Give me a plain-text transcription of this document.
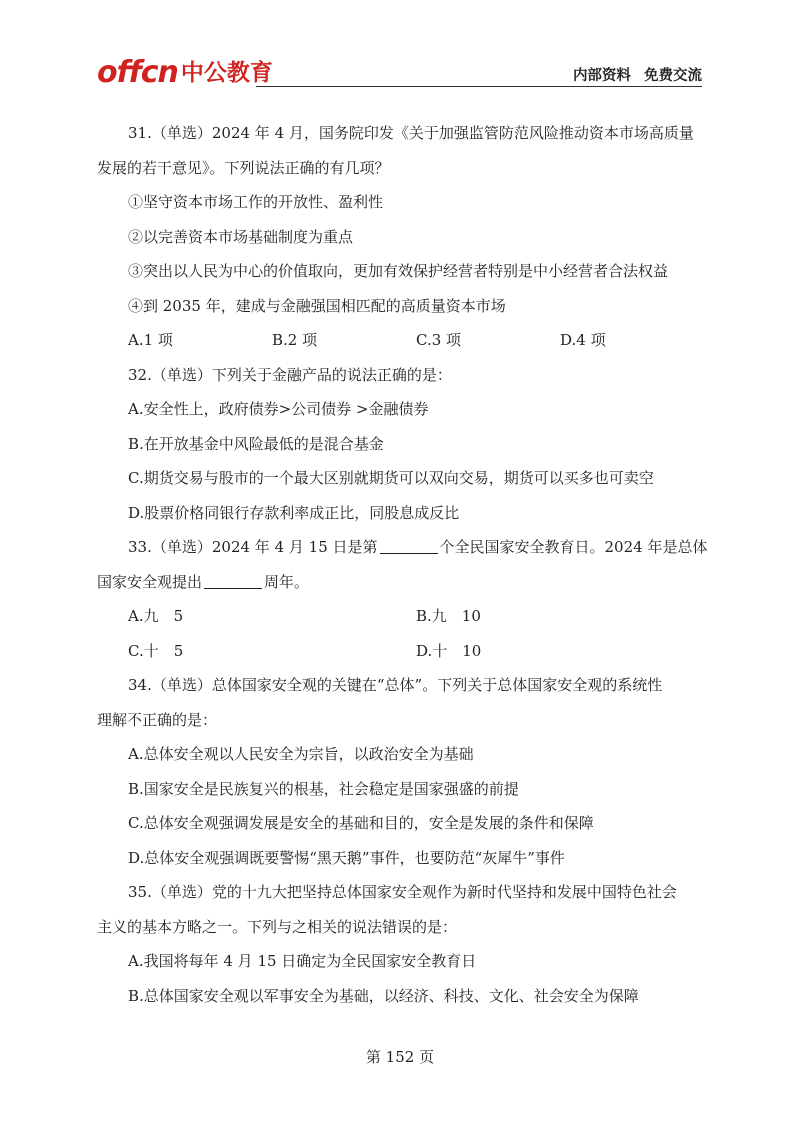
offcn 中公教育	内部资料 免费交流
31.（单选）2024 年 4 月，国务院印发《关于加强监管防范风险推动资本市场高质量
发展的若干意见》。下列说法正确的有几项？
①坚守资本市场工作的开放性、盈利性
②以完善资本市场基础制度为重点
③突出以人民为中心的价值取向，更加有效保护经营者特别是中小经营者合法权益
④到 2035 年，建成与金融强国相匹配的高质量资本市场
A.1 项	B.2 项	C.3 项	D.4 项
32.（单选）下列关于金融产品的说法正确的是：
A.安全性上，政府债券>公司债券 >金融债券
B.在开放基金中风险最低的是混合基金
C.期货交易与股市的一个最大区别就期货可以双向交易，期货可以买多也可卖空
D.股票价格同银行存款利率成正比，同股息成反比
33.（单选）2024 年 4 月 15 日是第	个全民国家安全教育日。2024 年是总体
国家安全观提出	周年。
A.九　5	B.九　10
C.十　5	D.十　10
34.（单选）总体国家安全观的关键在“总体”。下列关于总体国家安全观的系统性
理解不正确的是：
A.总体安全观以人民安全为宗旨，以政治安全为基础
B.国家安全是民族复兴的根基，社会稳定是国家强盛的前提
C.总体安全观强调发展是安全的基础和目的，安全是发展的条件和保障
D.总体安全观强调既要警惕“黑天鹅”事件，也要防范“灰犀牛”事件
35.（单选）党的十九大把坚持总体国家安全观作为新时代坚持和发展中国特色社会
主义的基本方略之一。下列与之相关的说法错误的是：
A.我国将每年 4 月 15 日确定为全民国家安全教育日
B.总体国家安全观以军事安全为基础，以经济、科技、文化、社会安全为保障
第 152 页
